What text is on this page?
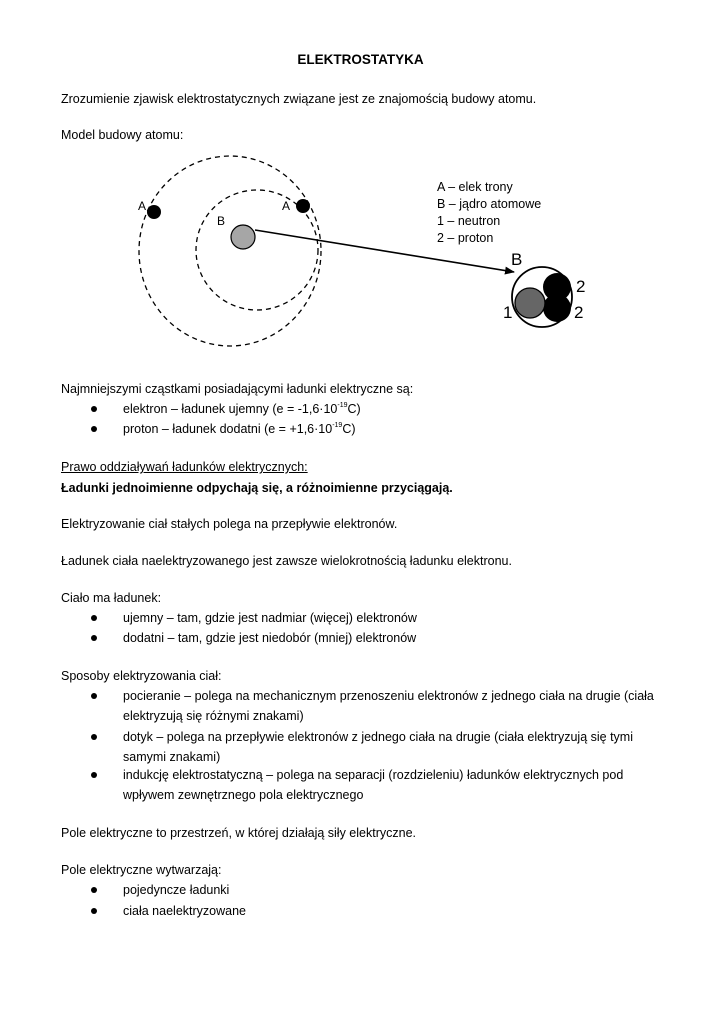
ELEKTROSTATYKA
Zrozumienie zjawisk elektrostatycznych związane jest ze znajomością budowy atomu.
Model budowy atomu:
A	A
B
A – elek trony
B – jądro atomowe
1 – neutron
2 – proton
B
2
1	2
Najmniejszymi cząstkami posiadającymi ładunki elektryczne są:
elektron – ładunek ujemny $(e = -1,6\cdot 10^{-19}C)$
proton – ładunek dodatni $(e = +1,6\cdot 10^{-19}C)$
Prawo oddziaływań ładunków elektrycznych:
Ładunki jednoimienne odpychają się, a różnoimienne przyciągają.
Elektryzowanie ciał stałych polega na przepływie elektronów.
Ładunek ciała naelektryzowanego jest zawsze wielokrotnością ładunku elektronu.
Ciało ma ładunek:
ujemny – tam, gdzie jest nadmiar (więcej) elektronów
dodatni – tam, gdzie jest niedobór (mniej) elektronów
Sposoby elektryzowania ciał:
pocieranie – polega na mechanicznym przenoszeniu elektronów z jednego ciała na drugie (ciała
elektryzują się różnymi znakami)
dotyk – polega na przepływie elektronów z jednego ciała na drugie (ciała elektryzują się tymi
samymi znakami)
indukcję elektrostatyczną – polega na separacji (rozdzieleniu) ładunków elektrycznych pod
wpływem zewnętrznego pola elektrycznego
Pole elektryczne to przestrzeń, w której działają siły elektryczne.
Pole elektryczne wytwarzają:
pojedyncze ładunki
ciała naelektryzowane
